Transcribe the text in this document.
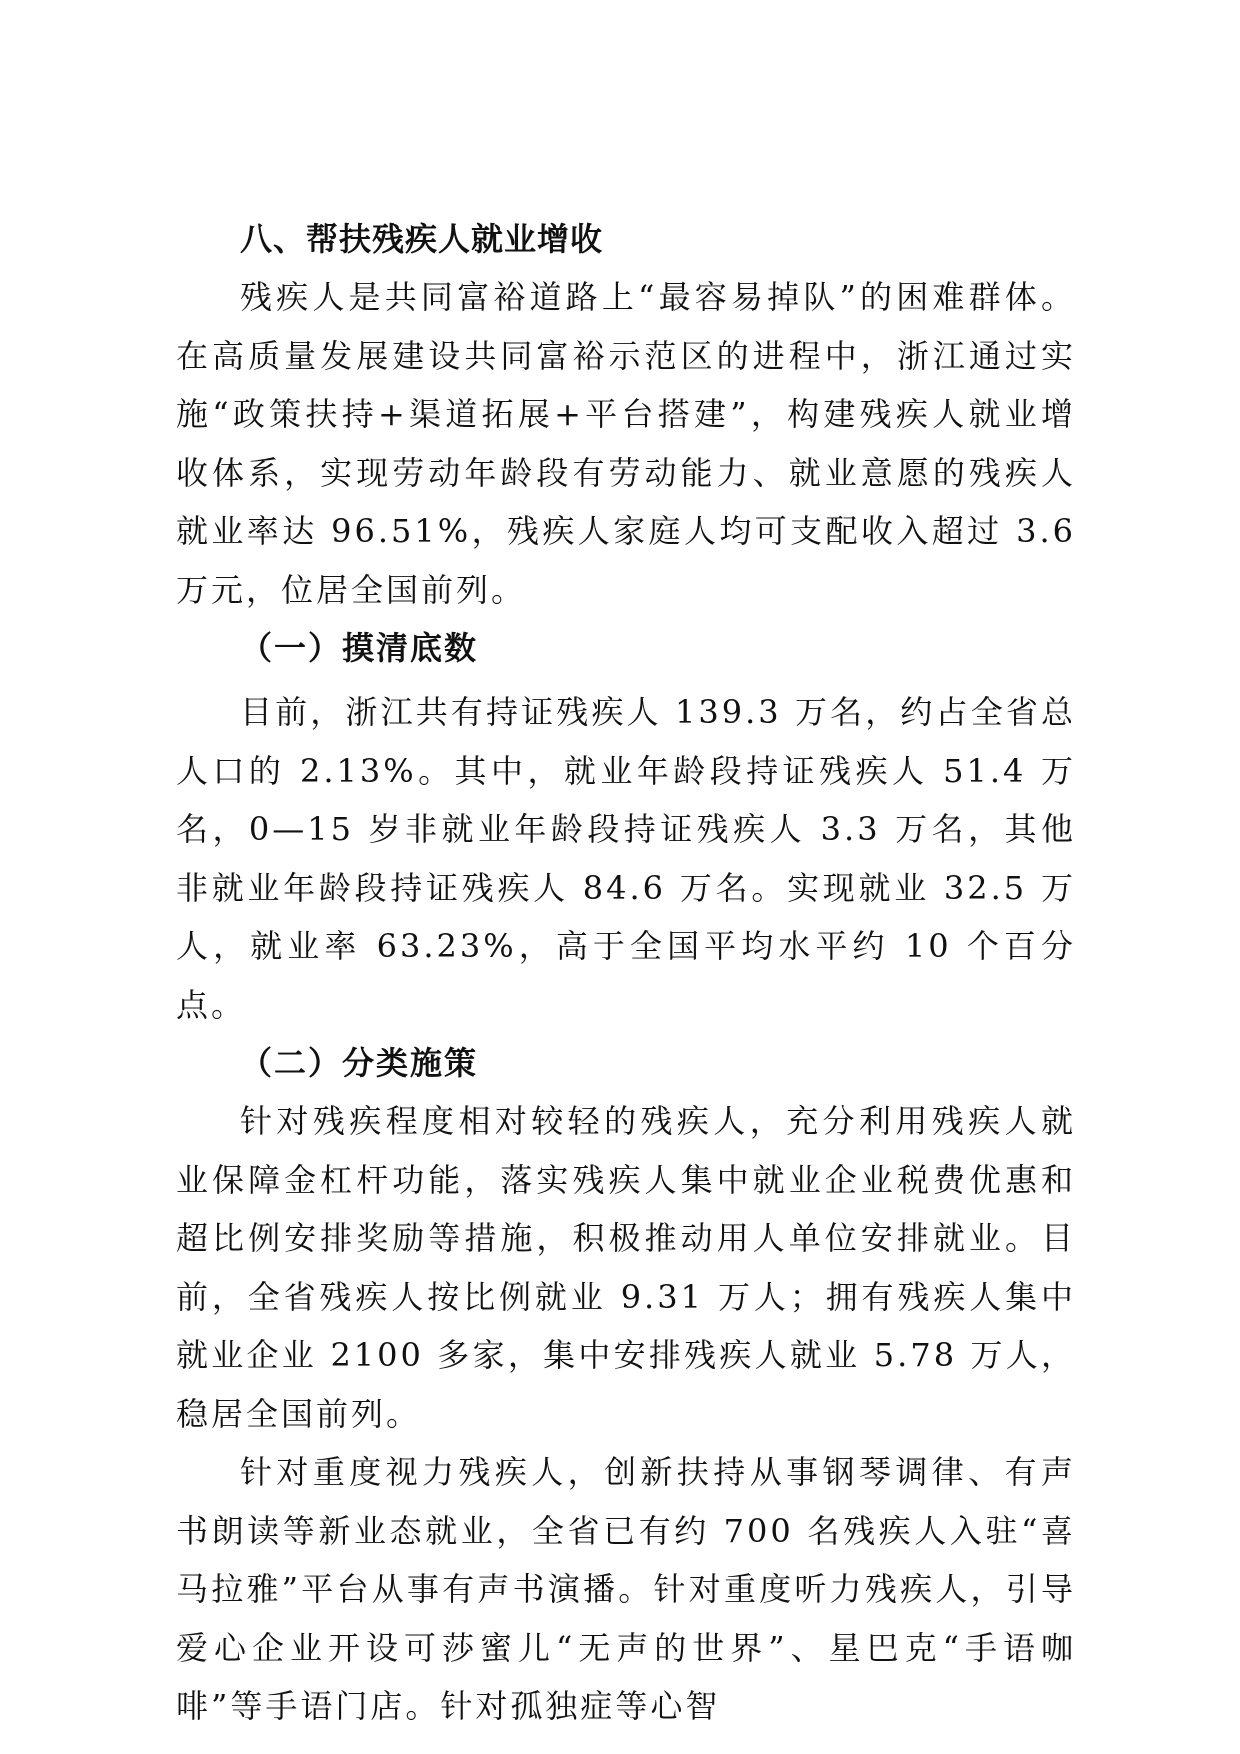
八、帮扶残疾人就业增收

残疾人是共同富裕道路上“最容易掉队”的困难群体。在高质量发展建设共同富裕示范区的进程中，浙江通过实施“政策扶持+渠道拓展+平台搭建”，构建残疾人就业增收体系，实现劳动年龄段有劳动能力、就业意愿的残疾人就业率达 96.51%，残疾人家庭人均可支配收入超过 3.6 万元，位居全国前列。

（一）摸清底数

目前，浙江共有持证残疾人 139.3 万名，约占全省总人口的 2.13%。其中，就业年龄段持证残疾人 51.4 万名，0—15 岁非就业年龄段持证残疾人 3.3 万名，其他非就业年龄段持证残疾人 84.6 万名。实现就业 32.5 万人，就业率 63.23%，高于全国平均水平约 10 个百分点。

（二）分类施策

针对残疾程度相对较轻的残疾人，充分利用残疾人就业保障金杠杆功能，落实残疾人集中就业企业税费优惠和超比例安排奖励等措施，积极推动用人单位安排就业。目前，全省残疾人按比例就业 9.31 万人；拥有残疾人集中就业企业 2100 多家，集中安排残疾人就业 5.78 万人，稳居全国前列。

针对重度视力残疾人，创新扶持从事钢琴调律、有声书朗读等新业态就业，全省已有约 700 名残疾人入驻“喜马拉雅”平台从事有声书演播。针对重度听力残疾人，引导爱心企业开设可莎蜜儿“无声的世界”、星巴克“手语咖啡”等手语门店。针对孤独症等心智
